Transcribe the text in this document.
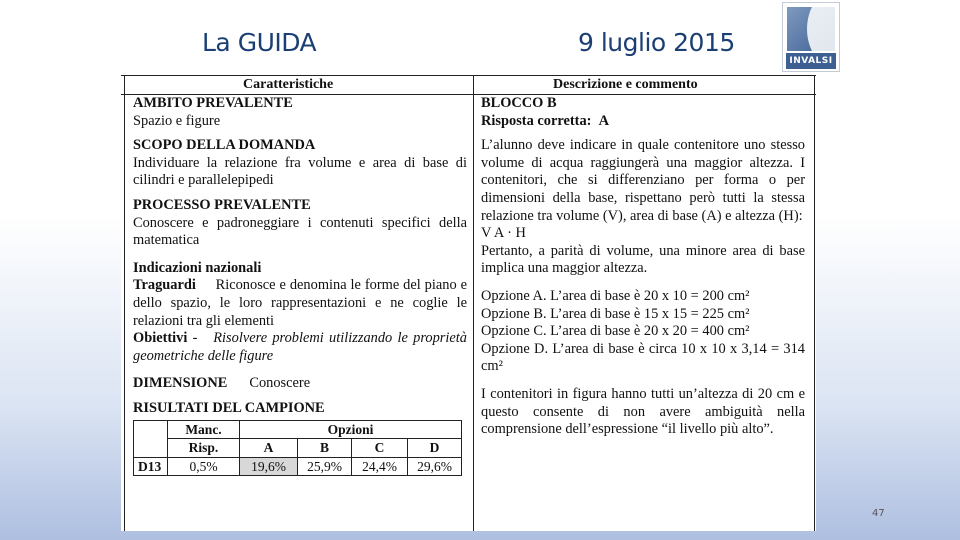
La GUIDA	9 luglio 2015
INVALSI
Caratteristiche	Descrizione e commento
AMBITO PREVALENTE
Spazio e figure
SCOPO DELLA DOMANDA
Individuare la relazione fra volume e area di base di cilindri e parallelepipedi
PROCESSO PREVALENTE
Conoscere e padroneggiare i contenuti specifici della matematica
Indicazioni nazionali
Traguardi Riconosce e denomina le forme del piano e dello spazio, le loro rappresentazioni e ne coglie le relazioni tra gli elementi
Obiettivi -   Risolvere problemi utilizzando le proprietà geometriche delle figure
DIMENSIONE Conoscere
RISULTATI DEL CAMPIONE
	Manc.	Opzioni			
	Risp.	A	B	C	D
D13	0,5%	19,6%	25,9%	24,4%	29,6%
BLOCCO B
Risposta corretta: A
L’alunno deve indicare in quale contenitore uno stesso volume di acqua raggiungerà una maggior altezza. I contenitori, che si differenziano per forma o per dimensioni della base, rispettano però tutti la stessa relazione tra volume (V), area di base (A) e altezza (H):
V A · H
Pertanto, a parità di volume, una minore area di base implica una maggior altezza.
Opzione A. L’area di base è 20 x 10 = 200 cm²
Opzione B. L’area di base è 15 x 15 = 225 cm²
Opzione C. L’area di base è 20 x 20 = 400 cm²
Opzione D. L’area di base è circa 10 x 10 x 3,14 = 314 cm²
I contenitori in figura hanno tutti un’altezza di 20 cm e questo consente di non avere ambiguità nella comprensione dell’espressione “il livello più alto”.
47
